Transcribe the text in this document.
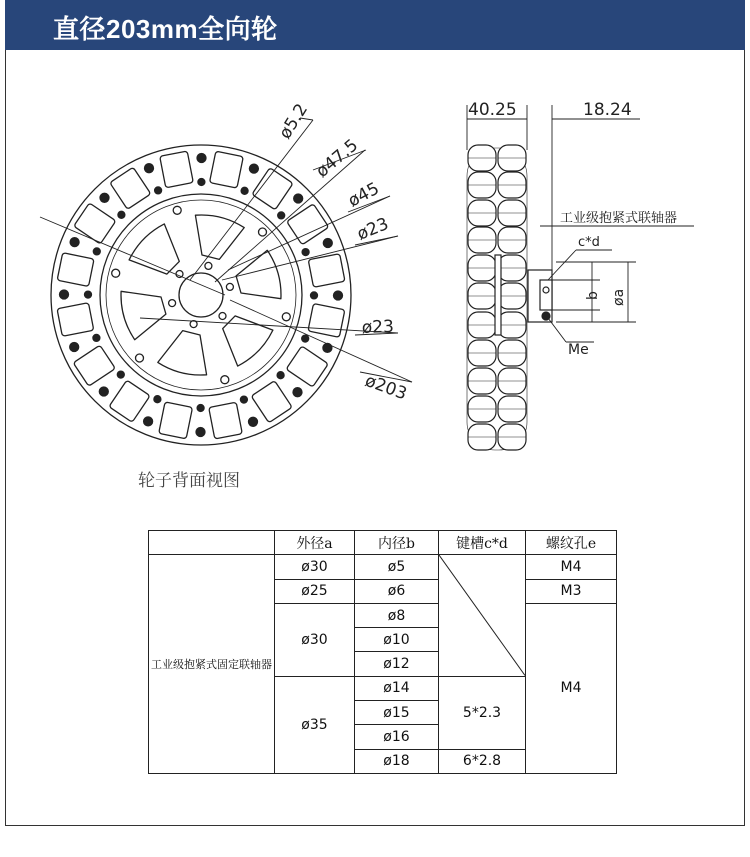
直径203mm全向轮
ø5.2
ø47.5
ø45
ø23
ø23
ø203
40.25	18.24
工业级抱紧式联轴器
c*d
b øa
Me
轮子背面视图
	外径a	内径b	键槽c*d	螺纹孔e
工业级抱紧式固定联轴器	ø30	ø5		M4
	ø25	ø6		M3
	ø30	ø8		M4
		ø10		
		ø12		
	ø35	ø14	5*2.3	
		ø15		
		ø16		
		ø18	6*2.8	
